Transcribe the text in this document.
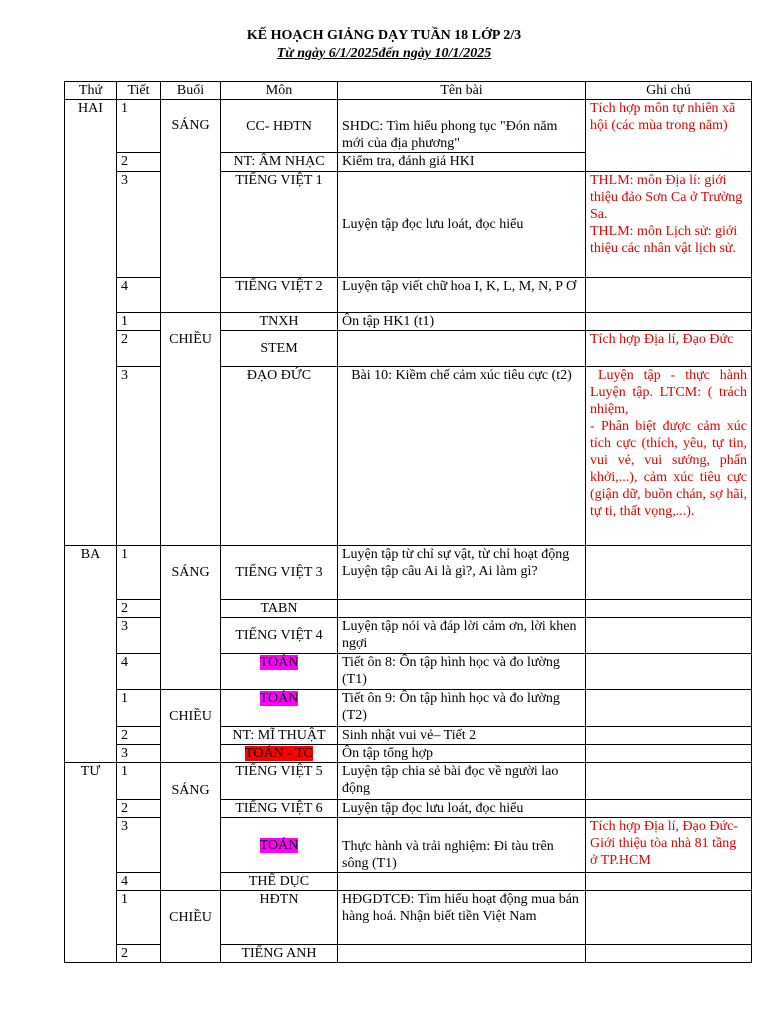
KẾ HOẠCH GIẢNG DẠY TUẦN 18 LỚP 2/3
Từ ngày 6/1/2025đến ngày 10/1/2025
Thứ	Tiết	Buổi	Môn	Tên bài	Ghi chú
HAI	1	SÁNG	CC- HĐTN	SHDC: Tìm hiểu phong tục "Đón năm mới của địa phương"	Tích hợp môn tự nhiên xã hội (các mùa trong năm)
	2		NT: ÂM NHẠC	Kiểm tra, đánh giá HKI	
	3		TIẾNG VIỆT 1	Luyện tập đọc lưu loát, đọc hiểu	THLM: môn Địa lí: giới thiệu đảo Sơn Ca ở Trường Sa.
THLM: môn Lịch sử: giới thiệu các nhân vật lịch sử.

	4		TIẾNG VIỆT 2	Luyện tập viết chữ hoa I, K, L, M, N, P Ơ	
	1	CHIỀU	TNXH	Ôn tập HK1 (t1)	
	2		STEM		Tích hợp Địa lí, Đạo Đức
	3		ĐẠO ĐỨC	Bài 10: Kiềm chế cảm xúc tiêu cực (t2)	Luyện tập - thực hành Luyện tập. LTCM: ( trách nhiệm,
- Phân biệt được cảm xúc tích cực (thích, yêu, tự tin, vui vẻ, vui sướng, phấn khởi,...), cảm xúc tiêu cực (giận dữ, buồn chán, sợ hãi, tự ti, thất vọng,...).

BA	1	SÁNG	TIẾNG VIỆT 3	Luyện tập từ chỉ sự vật, từ chỉ hoạt động Luyện tập câu Ai là gì?, Ai làm gì?	
	2		TABN		
	3		TIẾNG VIỆT 4	Luyện tập nói và đáp lời cảm ơn, lời khen ngợi	
	4		TOÁN	Tiết ôn 8: Ôn tập hình học và đo lường (T1)	
	1	CHIỀU	TOÁN	Tiết ôn 9: Ôn tập hình học và đo lường (T2)	
	2		NT: MĨ THUẬT	Sinh nhật vui vẻ– Tiết 2	
	3		TOÁN - TC	Ôn tập tổng hợp	
TƯ	1	SÁNG	TIẾNG VIỆT 5	Luyện tập chia sẻ bài đọc về người lao động	
	2		TIẾNG VIỆT 6	Luyện tập đọc lưu loát, đọc hiểu	
	3		TOÁN	Thực hành và trải nghiệm: Đi tàu trên sông (T1)	Tích hợp Địa lí, Đạo Đức- Giới thiệu tòa nhà 81 tầng ở TP.HCM
	4		THỂ DỤC		
	1	CHIỀU	HĐTN	HĐGDTCĐ: Tìm hiểu hoạt động mua bán hàng hoá. Nhận biết tiền Việt Nam	
	2		TIẾNG ANH		
